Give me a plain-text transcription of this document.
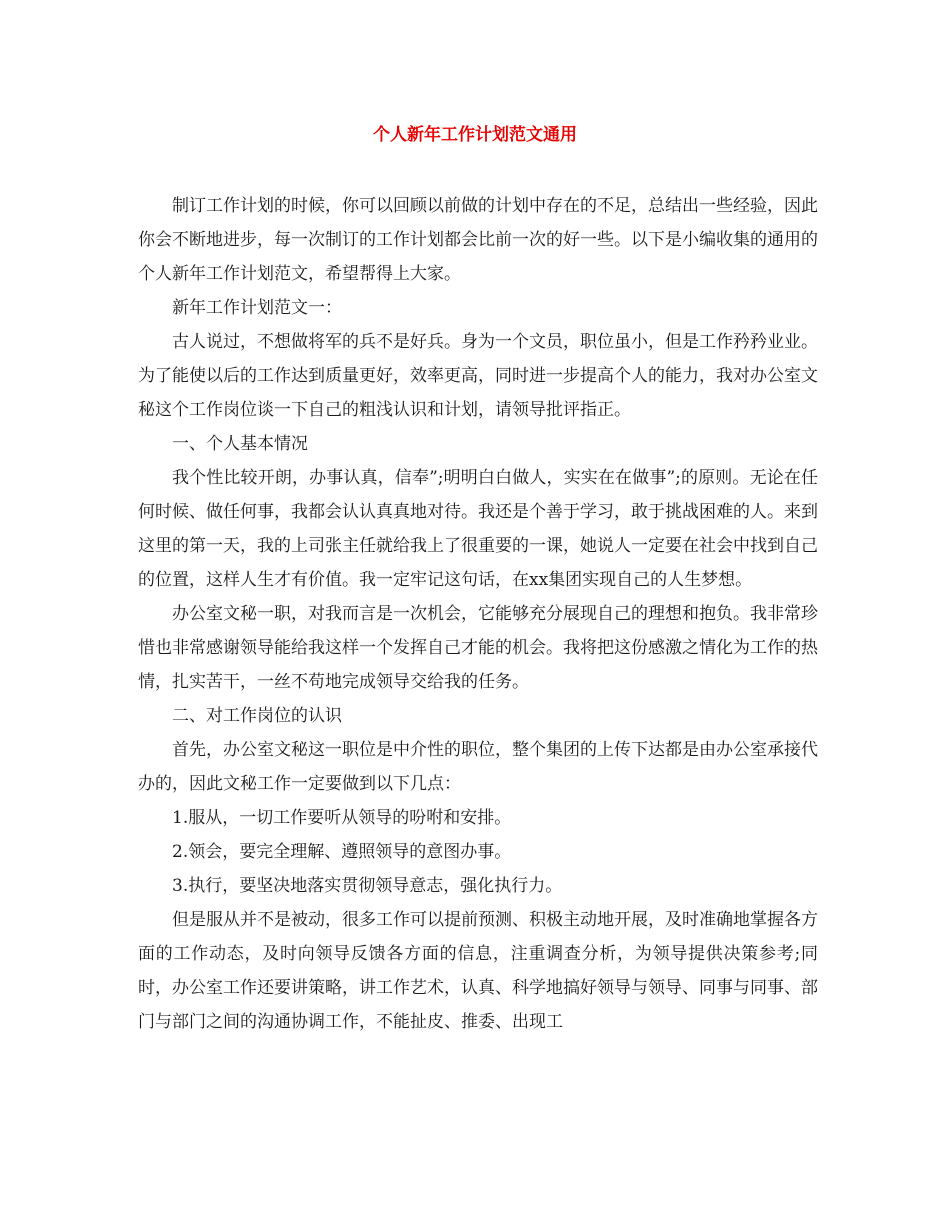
个人新年工作计划范文通用

制订工作计划的时候，你可以回顾以前做的计划中存在的不足，总结出一些经验，因此你会不断地进步，每一次制订的工作计划都会比前一次的好一些。以下是小编收集的通用的个人新年工作计划范文，希望帮得上大家。

新年工作计划范文一：

古人说过，不想做将军的兵不是好兵。身为一个文员，职位虽小，但是工作矜矜业业。为了能使以后的工作达到质量更好，效率更高，同时进一步提高个人的能力，我对办公室文秘这个工作岗位谈一下自己的粗浅认识和计划，请领导批评指正。

一、个人基本情况

我个性比较开朗，办事认真，信奉”;明明白白做人，实实在在做事”;的原则。无论在任何时候、做任何事，我都会认认真真地对待。我还是个善于学习，敢于挑战困难的人。来到这里的第一天，我的上司张主任就给我上了很重要的一课，她说人一定要在社会中找到自己的位置，这样人生才有价值。我一定牢记这句话，在xx集团实现自己的人生梦想。

办公室文秘一职，对我而言是一次机会，它能够充分展现自己的理想和抱负。我非常珍惜也非常感谢领导能给我这样一个发挥自己才能的机会。我将把这份感激之情化为工作的热情，扎实苦干，一丝不苟地完成领导交给我的任务。

二、对工作岗位的认识

首先，办公室文秘这一职位是中介性的职位，整个集团的上传下达都是由办公室承接代办的，因此文秘工作一定要做到以下几点：

1.服从，一切工作要听从领导的吩咐和安排。

2.领会，要完全理解、遵照领导的意图办事。

3.执行，要坚决地落实贯彻领导意志，强化执行力。

但是服从并不是被动，很多工作可以提前预测、积极主动地开展，及时准确地掌握各方面的工作动态，及时向领导反馈各方面的信息，注重调查分析，为领导提供决策参考;同时，办公室工作还要讲策略，讲工作艺术，认真、科学地搞好领导与领导、同事与同事、部门与部门之间的沟通协调工作，不能扯皮、推委、出现工
